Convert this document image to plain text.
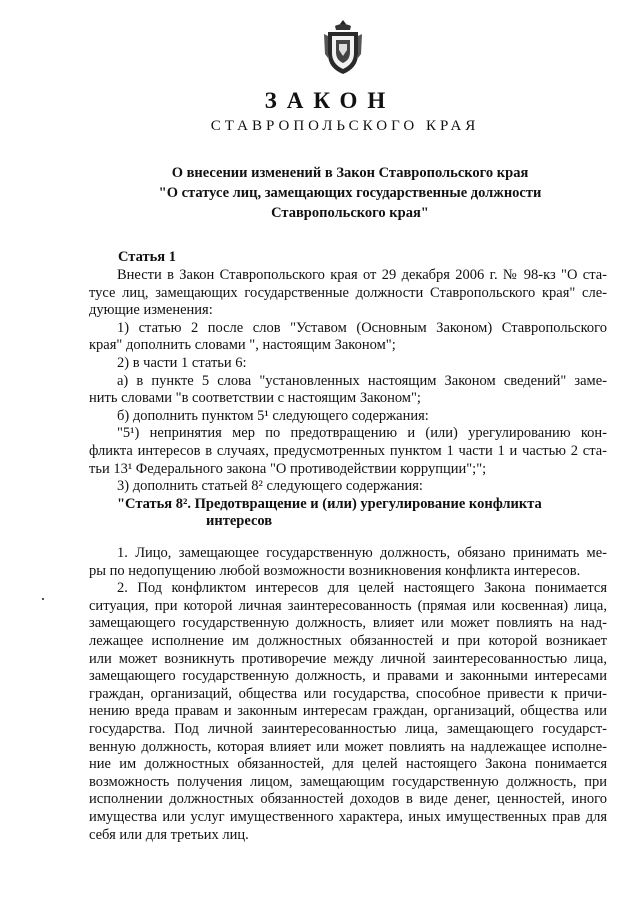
ЗАКОН
СТАВРОПОЛЬСКОГО КРАЯ
О внесении изменений в Закон Ставропольского края
"О статусе лиц, замещающих государственные должности
Ставропольского края"
Статья 1
Внести в Закон Ставропольского края от 29 декабря 2006 г. № 98-кз "О ста-
тусе лиц, замещающих государственные должности Ставропольского края" сле-
дующие изменения:
1) статью 2 после слов "Уставом (Основным Законом) Ставропольского
края" дополнить словами ", настоящим Законом";
2) в части 1 статьи 6:
а) в пункте 5 слова "установленных настоящим Законом сведений" заме-
нить словами "в соответствии с настоящим Законом";
б) дополнить пунктом 5¹ следующего содержания:
"5¹) непринятия мер по предотвращению и (или) урегулированию кон-
фликта интересов в случаях, предусмотренных пунктом 1 части 1 и частью 2 ста-
тьи 13¹ Федерального закона "О противодействии коррупции";";
3) дополнить статьей 8² следующего содержания:
"Статья 8². Предотвращение и (или) урегулирование конфликта
интересов
1. Лицо, замещающее государственную должность, обязано принимать ме-
ры по недопущению любой возможности возникновения конфликта интересов.
2. Под конфликтом интересов для целей настоящего Закона понимается
ситуация, при которой личная заинтересованность (прямая или косвенная) лица,
замещающего государственную должность, влияет или может повлиять на над-
лежащее исполнение им должностных обязанностей и при которой возникает
или может возникнуть противоречие между личной заинтересованностью лица,
замещающего государственную должность, и правами и законными интересами
граждан, организаций, общества или государства, способное привести к причи-
нению вреда правам и законным интересам граждан, организаций, общества или
государства. Под личной заинтересованностью лица, замещающего государст-
венную должность, которая влияет или может повлиять на надлежащее исполне-
ние им должностных обязанностей, для целей настоящего Закона понимается
возможность получения лицом, замещающим государственную должность, при
исполнении должностных обязанностей доходов в виде денег, ценностей, иного
имущества или услуг имущественного характера, иных имущественных прав для
себя или для третьих лиц.
